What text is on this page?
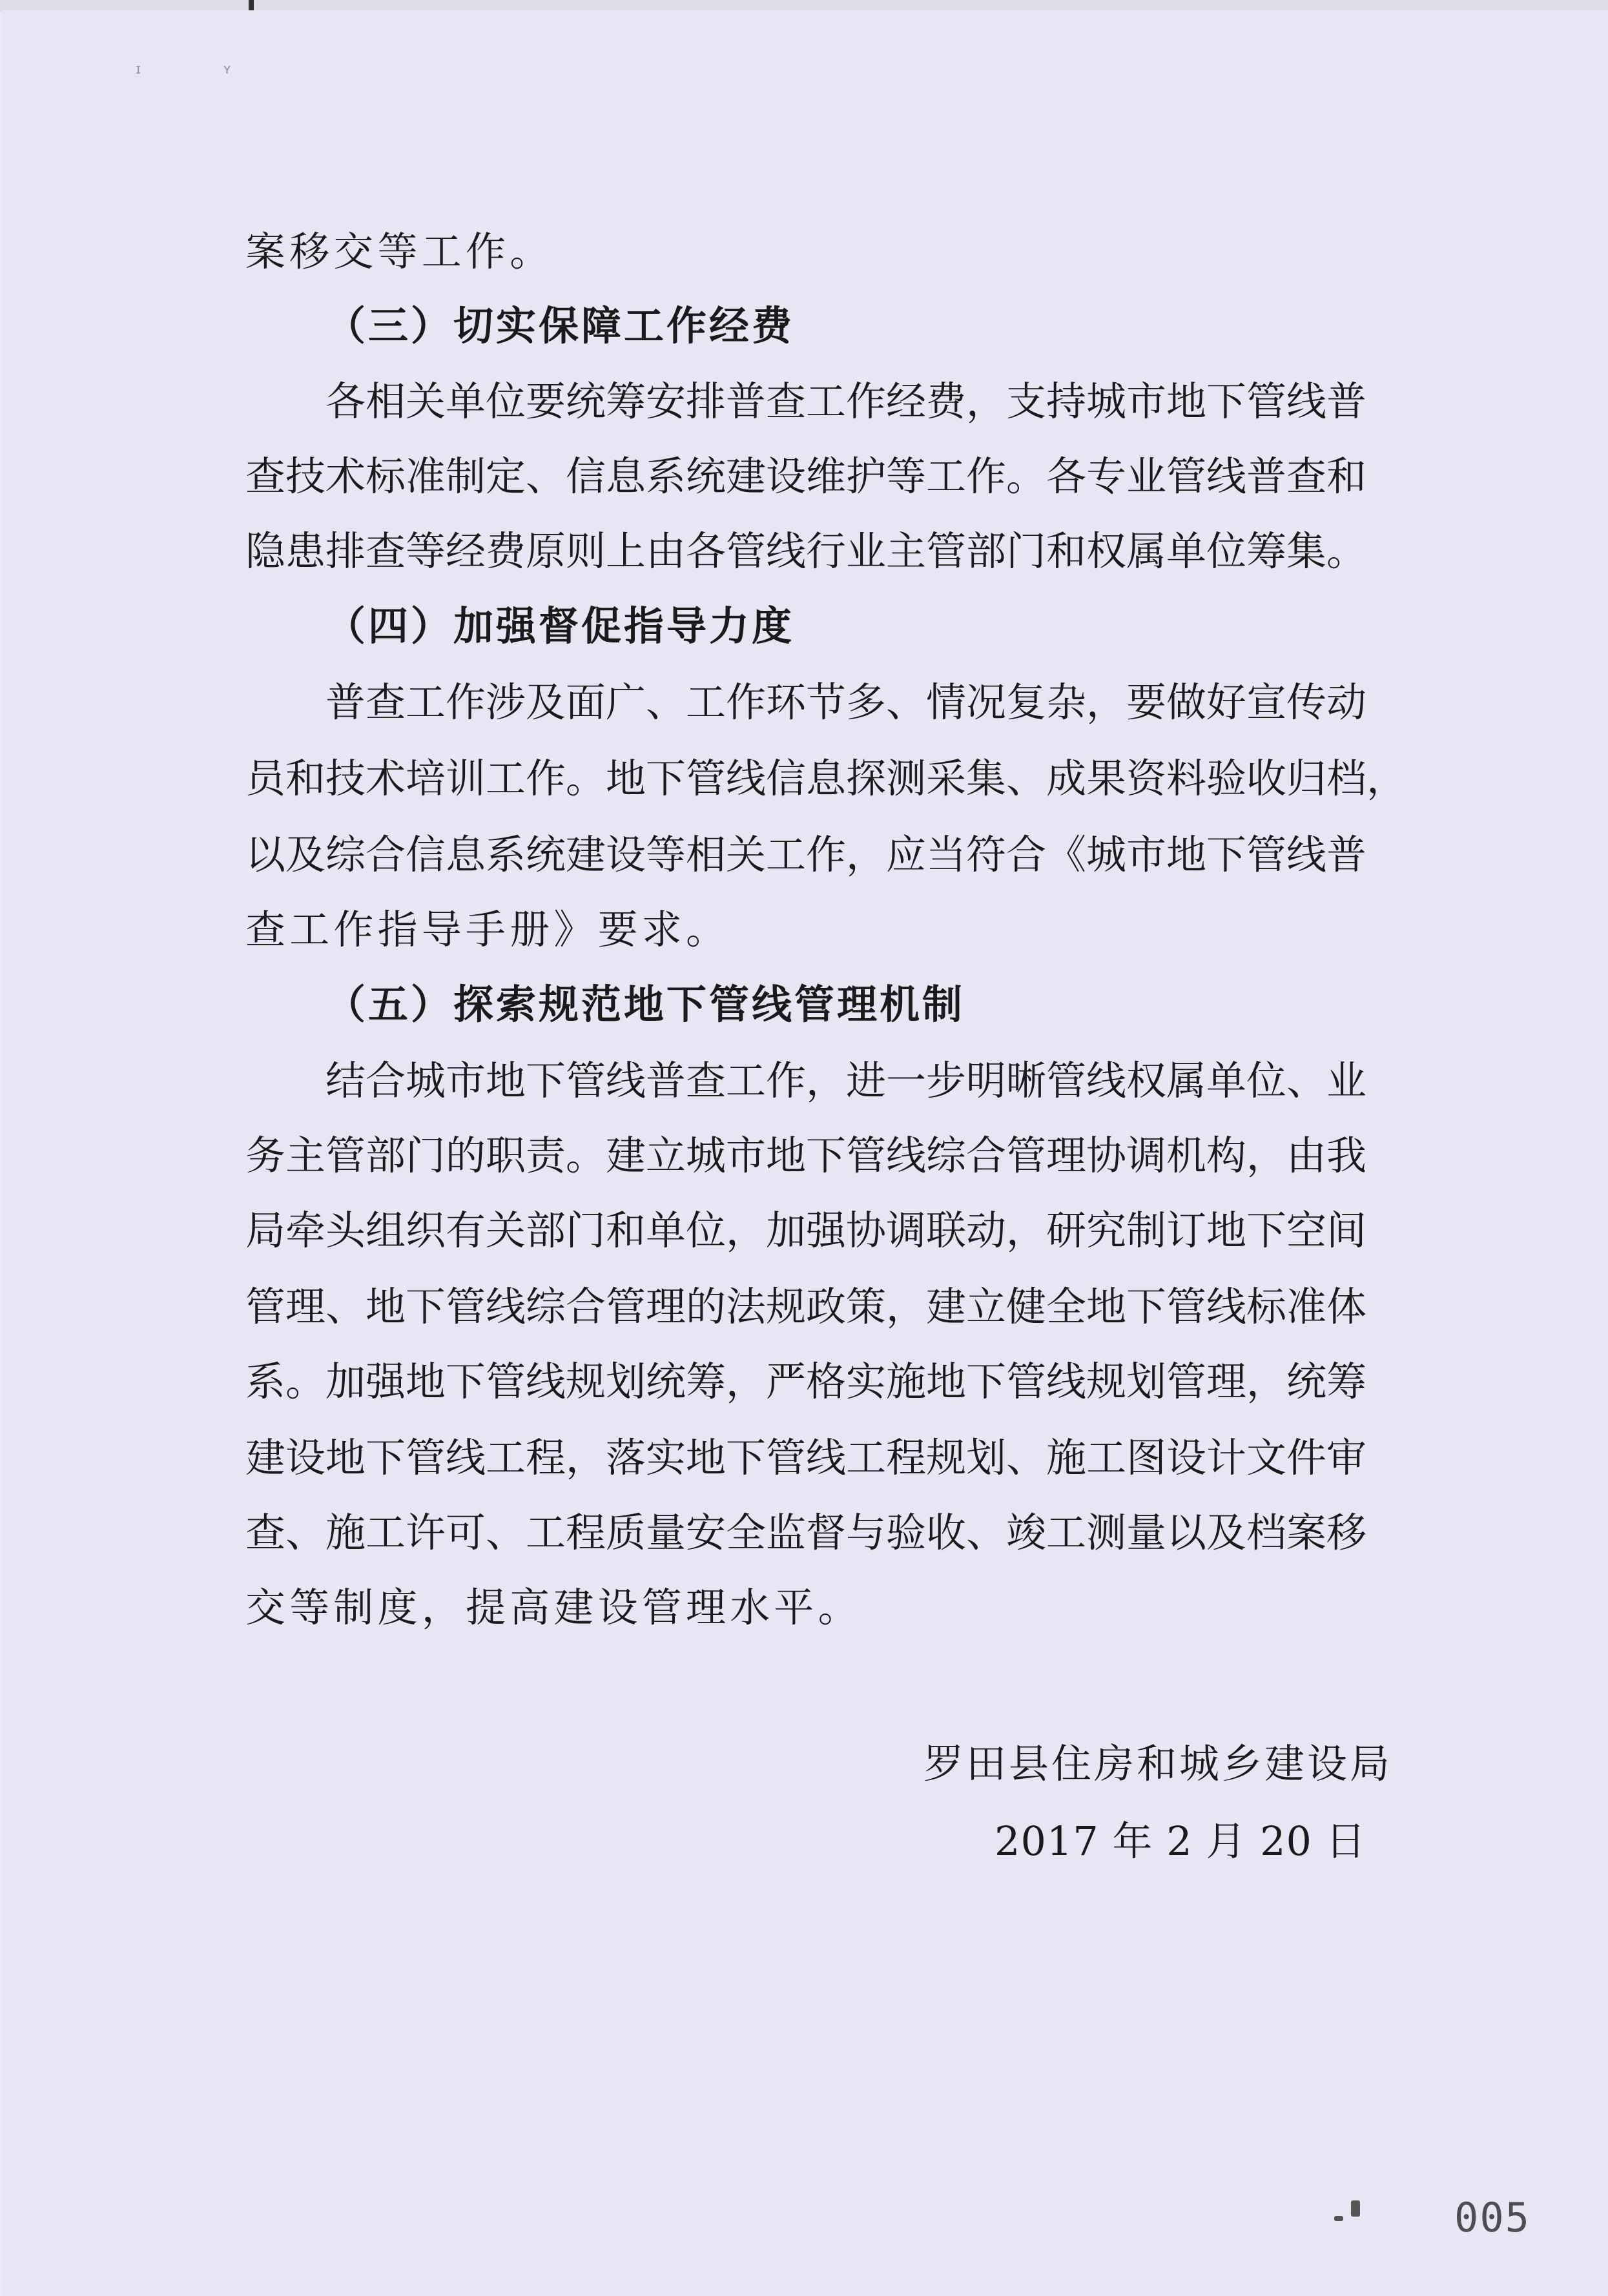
ɪ	ʏ
案移交等工作。
（三）切实保障工作经费
各相关单位要统筹安排普查工作经费，支持城市地下管线普
查技术标准制定、信息系统建设维护等工作。各专业管线普查和
隐患排查等经费原则上由各管线行业主管部门和权属单位筹集。
（四）加强督促指导力度
普查工作涉及面广、工作环节多、情况复杂，要做好宣传动
员和技术培训工作。地下管线信息探测采集、成果资料验收归档，
以及综合信息系统建设等相关工作，应当符合《城市地下管线普
查工作指导手册》要求。
（五）探索规范地下管线管理机制
结合城市地下管线普查工作，进一步明晰管线权属单位、业
务主管部门的职责。建立城市地下管线综合管理协调机构，由我
局牵头组织有关部门和单位，加强协调联动，研究制订地下空间
管理、地下管线综合管理的法规政策，建立健全地下管线标准体
系。加强地下管线规划统筹，严格实施地下管线规划管理，统筹
建设地下管线工程，落实地下管线工程规划、施工图设计文件审
查、施工许可、工程质量安全监督与验收、竣工测量以及档案移
交等制度，提高建设管理水平。
罗田县住房和城乡建设局
2017 年 2 月 20 日
005
